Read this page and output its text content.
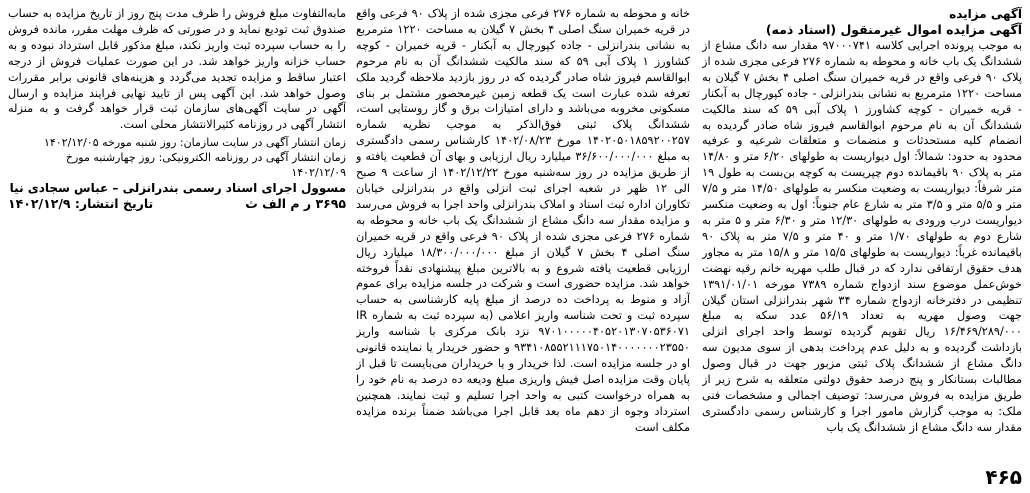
آگهی مزایده
آگهی مزایده اموال غیرمنقول (اسناد ذمه)

به موجب پرونده اجرایی کلاسه ۹۷۰۰۰۷۴۱ مقدار سه دانگ مشاع از ششدانگ یک باب خانه و محوطه به شماره ۲۷۶ فرعی مجزی شده از پلاک ۹۰ فرعی واقع در قریه خمیران سنگ اصلی ۴ بخش ۷ گیلان به مساحت ۱۲۲۰ مترمربع به نشانی بندرانزلی - جاده کپورچال به آبکنار - قریه خمیران - کوچه کشاورز ۱ پلاک آبی ۵۹ که سند مالکیت ششدانگ آن به نام مرحوم ابوالقاسم فیروز شاه صادر گردیده به انضمام کلیه مستحدثات و منضمات و متعلقات شرعیه و عرفیه محدود به حدود: شمالاً: اول دیواریست به طولهای ۶/۲۰ متر و ۱۴/۸۰ متر به پلاک ۹۰ باقیمانده دوم چپریست به کوچه بن‌بست به طول ۱۹ متر شرقاً: دیواریست به وضعیت منکسر به طولهای ۱۴/۵۰ متر و ۷/۵ متر و ۵/۵ متر و ۳/۵ متر به شارع عام جنوباً: اول به وضعیت منکسر دیواریست درب ورودی به طولهای ۱۲/۳۰ متر و ۶/۳۰ متر و ۵ متر به شارع دوم به طولهای ۱/۷۰ متر و ۴۰ متر و ۷/۵ متر به پلاک ۹۰ باقیمانده غرباً: دیواریست به طولهای ۱۵/۵ متر و ۱۵/۸ متر به مجاور هدف حقوق ارتفاقی ندارد که در قبال طلب مهریه خانم رقیه نهضت خوش‌عمل موضوع سند ازدواج شماره ۷۳۸۹ مورخه ۱۳۹۱/۰۱/۰۱ تنظیمی در دفترخانه ازدواج شماره ۳۴ شهر بندرانزلی استان گیلان جهت وصول مهریه به تعداد ۵۶/۱۹ عدد سکه به مبلغ ۱۶/۴۶۹/۲۸۹/۰۰۰ ریال تقویم گردیده توسط واحد اجرای انزلی بازداشت گردیده و به دلیل عدم پرداخت بدهی از سوی مدیون سه دانگ مشاع از ششدانگ پلاک ثبتی مزبور جهت در قبال وصول مطالبات بستانکار و پنج درصد حقوق دولتی متعلقه به شرح زیر از طریق مزایده به فروش می‌رسد: توصیف اجمالی و مشخصات فنی ملک: به موجب گزارش مامور اجرا و کارشناس رسمی دادگستری مقدار سه دانگ مشاع از ششدانگ یک باب

خانه و محوطه به شماره ۲۷۶ فرعی مجزی شده از پلاک ۹۰ فرعی واقع در قریه خمیران سنگ اصلی ۴ بخش ۷ گیلان به مساحت ۱۲۲۰ مترمربع به نشانی بندرانزلی - جاده کپورچال به آبکنار - قریه خمیران - کوچه کشاورز ۱ پلاک آبی ۵۹ که سند مالکیت ششدانگ آن به نام مرحوم ابوالقاسم فیروز شاه صادر گردیده که در روز بازدید ملاحظه گردید ملک تعرفه شده عبارت است یک قطعه زمین غیرمحصور مشتمل بر بنای مسکونی مخروبه می‌باشد و دارای امتیازات برق و گاز روستایی است، ششدانگ پلاک ثبتی فوق‌الذکر به موجب نظریه شماره ۱۴۰۲۰۵۰۱۸۵۹۲۰۰۲۵۷ مورخ ۱۴۰۲/۰۸/۲۳ کارشناس رسمی دادگستری به مبلغ ۳۶/۶۰۰/۰۰۰/۰۰۰ میلیارد ریال ارزیابی و بهای آن قطعیت یافته و از طریق مزایده در روز سه‌شنبه مورخ ۱۴۰۲/۱۲/۲۲ از ساعت ۹ صبح الی ۱۲ ظهر در شعبه اجرای ثبت انزلی واقع در بندرانزلی خیابان تکاوران اداره ثبت اسناد و املاک بندرانزلی واحد اجرا به فروش می‌رسد و مزایده مقدار سه دانگ مشاع از ششدانگ یک باب خانه و محوطه به شماره ۲۷۶ فرعی مجزی شده از پلاک ۹۰ فرعی واقع در قریه خمیران سنگ اصلی ۴ بخش ۷ گیلان از مبلغ ۱۸/۳۰۰/۰۰۰/۰۰۰ میلیارد ریال ارزیابی قطعیت یافته شروع و به بالاترین مبلغ پیشنهادی نقداً فروخته خواهد شد. مزایده حضوری است و شرکت در جلسه مزایده برای عموم آزاد و منوط به پرداخت ده درصد از مبلغ پایه کارشناسی به حساب سپرده ثبت و تحت شناسه واریز اعلامی (به سپرده ثبت به شماره IR ۹۷۰۱۰۰۰۰۰۴۰۵۲۰۱۳۰۷۰۵۳۶۰۷۱ نزد بانک مرکزی با شناسه واریز ۹۳۴۱۰۸۵۵۲۱۱۱۷۵۰۱۴۰۰۰۰۰۰۰۲۳۵۵۰ و حضور خریدار یا نماینده قانونی او در جلسه مزایده است. لذا خریدار و یا خریداران می‌بایست تا قبل از پایان وقت مزایده اصل فیش واریزی مبلغ ودیعه ده درصد به نام خود را به همراه درخواست کتبی به واحد اجرا تسلیم و ثبت نمایند. همچنین استرداد وجوه از دهم ماه بعد قابل اجرا می‌باشد ضمناً برنده مزایده مکلف است

مابه‌التفاوت مبلغ فروش را ظرف مدت پنج روز از تاریخ مزایده به حساب صندوق ثبت تودیع نماید و در صورتی که ظرف مهلت مقرر، مانده فروش را به حساب سپرده ثبت واریز نکند، مبلغ مذکور قابل استرداد نبوده و به حساب خزانه واریز خواهد شد. در این صورت عملیات فروش از درجه اعتبار ساقط و مزایده تجدید می‌گردد و هزینه‌های قانونی برابر مقررات وصول خواهد شد. این آگهی پس از تایید نهایی فرایند مزایده و ارسال آگهی در سایت آگهی‌های سازمان ثبت قرار خواهد گرفت و به منزله انتشار آگهی در روزنامه کثیرالانتشار محلی است.

زمان انتشار آگهی در سایت سازمان: روز شنبه مورخه ۱۴۰۲/۱۲/۰۵

زمان انتشار آگهی در روزنامه الکترونیکی: روز چهارشنبه مورخ ۱۴۰۲/۱۲/۰۹

مسوول اجرای اسناد رسمی بندرانزلی – عباس سجادی نیا
۳۶۹۵ ر م الف ث
تاریخ انتشار: ۱۴۰۲/۱۲/۹
۴۶۵
